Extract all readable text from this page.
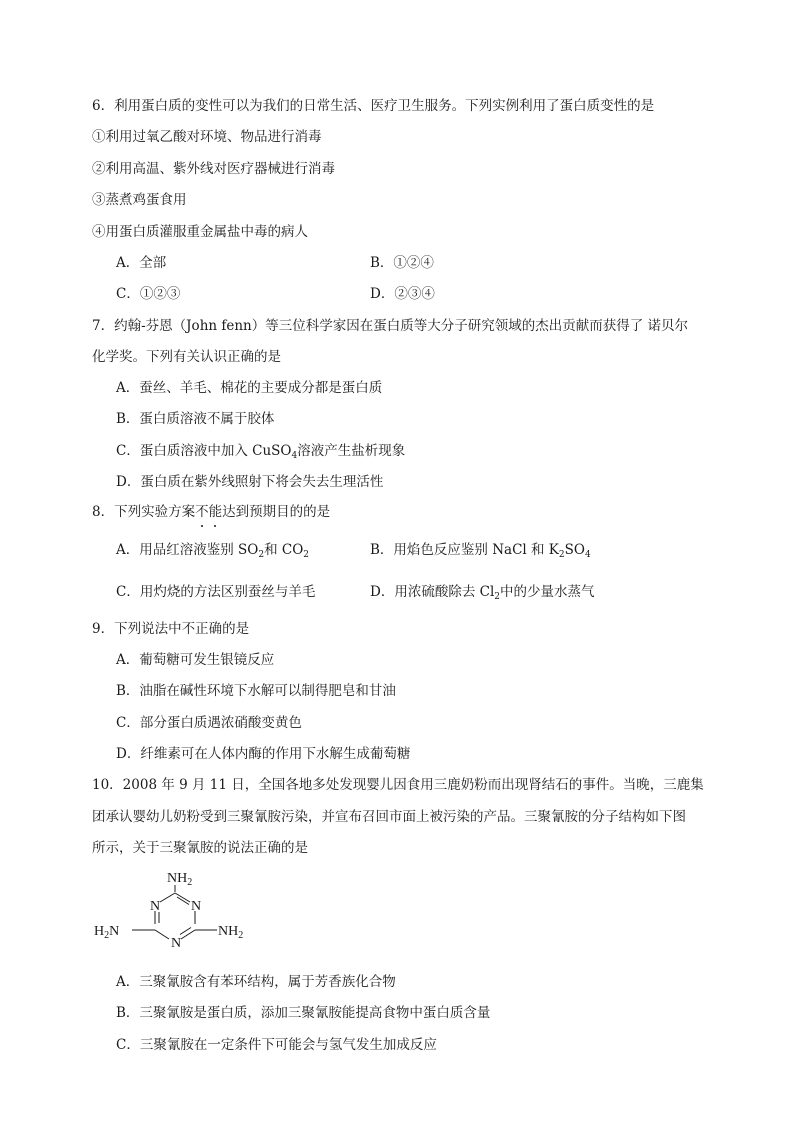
6．利用蛋白质的变性可以为我们的日常生活、医疗卫生服务。下列实例利用了蛋白质变性的是
①利用过氧乙酸对环境、物品进行消毒
②利用高温、紫外线对医疗器械进行消毒
③蒸煮鸡蛋食用
④用蛋白质灌服重金属盐中毒的病人
A．全部	B．①②④
C．①②③	D．②③④
7．约翰-芬恩（John fenn）等三位科学家因在蛋白质等大分子研究领域的杰出贡献而获得了 诺贝尔
化学奖。下列有关认识正确的是
A．蚕丝、羊毛、棉花的主要成分都是蛋白质
B．蛋白质溶液不属于胶体
C．蛋白质溶液中加入 CuSO$_4$溶液产生盐析现象
D．蛋白质在紫外线照射下将会失去生理活性
8．下列实验方案不能达到预期目的的是
A．用品红溶液鉴别 $SO_2$和 $CO_2$	B．用焰色反应鉴别 NaCl 和 $K_2SO_4$
C．用灼烧的方法区别蚕丝与羊毛	D．用浓硫酸除去 $Cl_2$中的少量水蒸气
9．下列说法中不正确的是
A．葡萄糖可发生银镜反应
B．油脂在碱性环境下水解可以制得肥皂和甘油
C．部分蛋白质遇浓硝酸变黄色
D．纤维素可在人体内酶的作用下水解生成葡萄糖
10．2008 年 9 月 11 日，全国各地多处发现婴儿因食用三鹿奶粉而出现肾结石的事件。当晚，三鹿集
团承认婴幼儿奶粉受到三聚氰胺污染，并宣布召回市面上被污染的产品。三聚氰胺的分子结构如下图
所示，关于三聚氰胺的说法正确的是
$NH_2$
N
N
N
$H_2N$	$NH_2$
A．三聚氰胺含有苯环结构，属于芳香族化合物
B．三聚氰胺是蛋白质，添加三聚氰胺能提高食物中蛋白质含量
C．三聚氰胺在一定条件下可能会与氢气发生加成反应
